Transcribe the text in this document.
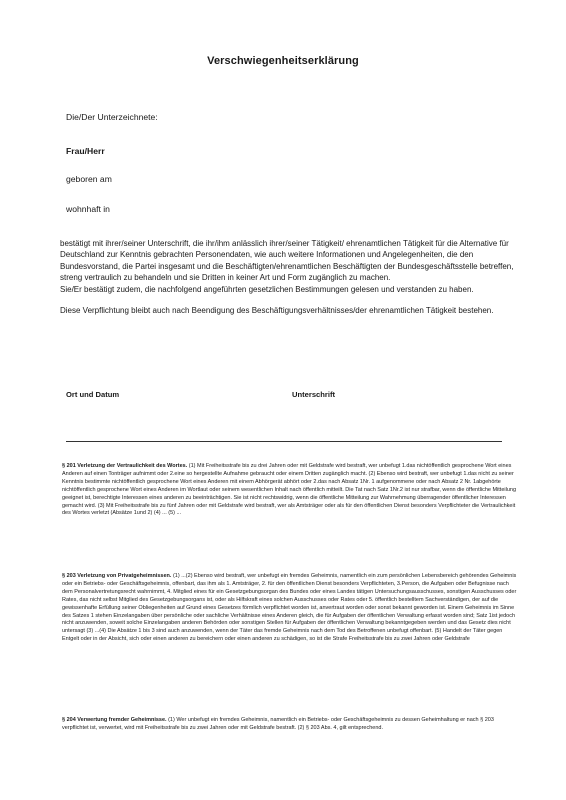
Verschwiegenheitserklärung
Die/Der Unterzeichnete:
Frau/Herr
geboren am
wohnhaft in

bestätigt mit ihrer/seiner Unterschrift, die ihr/ihm anlässlich ihrer/seiner Tätigkeit/ ehrenamtlichen Tätigkeit für die Alternative für Deutschland zur Kenntnis gebrachten Personendaten, wie auch weitere Informationen und Angelegenheiten, die den Bundesvorstand, die Partei insgesamt und die Beschäftigten/ehrenamtlichen Beschäftigten der Bundesgeschäftsstelle betreffen, streng vertraulich zu behandeln und sie Dritten in keiner Art und Form zugänglich zu machen.

Sie/Er bestätigt zudem, die nachfolgend angeführten gesetzlichen Bestimmungen gelesen und verstanden zu haben.

Diese Verpflichtung bleibt auch nach Beendigung des Beschäftigungsverhältnisses/der ehrenamtlichen Tätigkeit bestehen.

Ort und Datum	Unterschrift

§ 201 Verletzung der Vertraulichkeit des Wortes. (1) Mit Freiheitsstrafe bis zu drei Jahren oder mit Geldstrafe wird bestraft, wer unbefugt 1.das nichtöffentlich gesprochene Wort eines Anderen auf einen Tonträger aufnimmt oder 2.eine so hergestellte Aufnahme gebraucht oder einem Dritten zugänglich macht. (2) Ebenso wird bestraft, wer unbefugt 1.das nicht zu seiner Kenntnis bestimmte nichtöffentlich gesprochene Wort eines Anderen mit einem Abhörgerät abhört oder 2.das nach Absatz 1Nr. 1 aufgenommene oder nach Absatz 2 Nr. 1abgehörte nichtöffentlich gesprochene Wort eines Anderen im Wortlaut oder seinem wesentlichen Inhalt nach öffentlich mitteilt. Die Tat nach Satz 1Nr.2 ist nur strafbar, wenn die öffentliche Mitteilung geeignet ist, berechtigte Interessen eines anderen zu beeinträchtigen. Sie ist nicht rechtswidrig, wenn die öffentliche Mitteilung zur Wahrnehmung überragender öffentlicher Interessen gemacht wird. (3) Mit Freiheitsstrafe bis zu fünf Jahren oder mit Geldstrafe wird bestraft, wer als Amtsträger oder als für den öffentlichen Dienst besonders Verpflichteter die Vertraulichkeit des Wortes verletzt (Absätze 1und 2) (4) ... (5) ...

§ 203 Verletzung von Privatgeheimnissen. (1) ...(2) Ebenso wird bestraft, wer unbefugt ein fremdes Geheimnis, namentlich ein zum persönlichen Lebensbereich gehörendes Geheimnis oder ein Betriebs- oder Geschäftsgeheimnis, offenbart, das ihm als 1. Amtsträger, 2. für den öffentlichen Dienst besonders Verpflichteten, 3.Person, die Aufgaben oder Befugnisse nach dem Personalvertretungsrecht wahrnimmt, 4. Mitglied eines für ein Gesetzgebungsorgan des Bundes oder eines Landes tätigen Untersuchungsausschusses, sonstigen Ausschusses oder Rates, das nicht selbst Mitglied des Gesetzgebungsorgans ist, oder als Hilfskraft eines solchen Ausschusses oder Rates oder 5. öffentlich bestelltem Sachverständigen, der auf die gewissenhafte Erfüllung seiner Obliegenheiten auf Grund eines Gesetzes förmlich verpflichtet worden ist, anvertraut worden oder sonst bekannt geworden ist. Einem Geheimnis im Sinne des Satzes 1 stehen Einzelangaben über persönliche oder sachliche Verhältnisse eines Anderen gleich, die für Aufgaben der öffentlichen Verwaltung erfasst worden sind; Satz 1ist jedoch nicht anzuwenden, soweit solche Einzelangaben anderen Behörden oder sonstigen Stellen für Aufgaben der öffentlichen Verwaltung bekanntgegeben werden und das Gesetz dies nicht untersagt (3) ...(4) Die Absätze 1 bis 3 sind auch anzuwenden, wenn der Täter das fremde Geheimnis nach dem Tod des Betroffenen unbefugt offenbart. (5) Handelt der Täter gegen Entgelt oder in der Absicht, sich oder einen anderen zu bereichern oder einen anderen zu schädigen, so ist die Strafe Freiheitsstrafe bis zu zwei Jahren oder Geldstrafe

§ 204 Verwertung fremder Geheimnisse. (1) Wer unbefugt ein fremdes Geheimnis, namentlich ein Betriebs- oder Geschäftsgeheimnis zu dessen Geheimhaltung er nach § 203 verpflichtet ist, verwertet, wird mit Freiheitsstrafe bis zu zwei Jahren oder mit Geldstrafe bestraft. (2) § 203 Abs. 4, gilt entsprechend.
